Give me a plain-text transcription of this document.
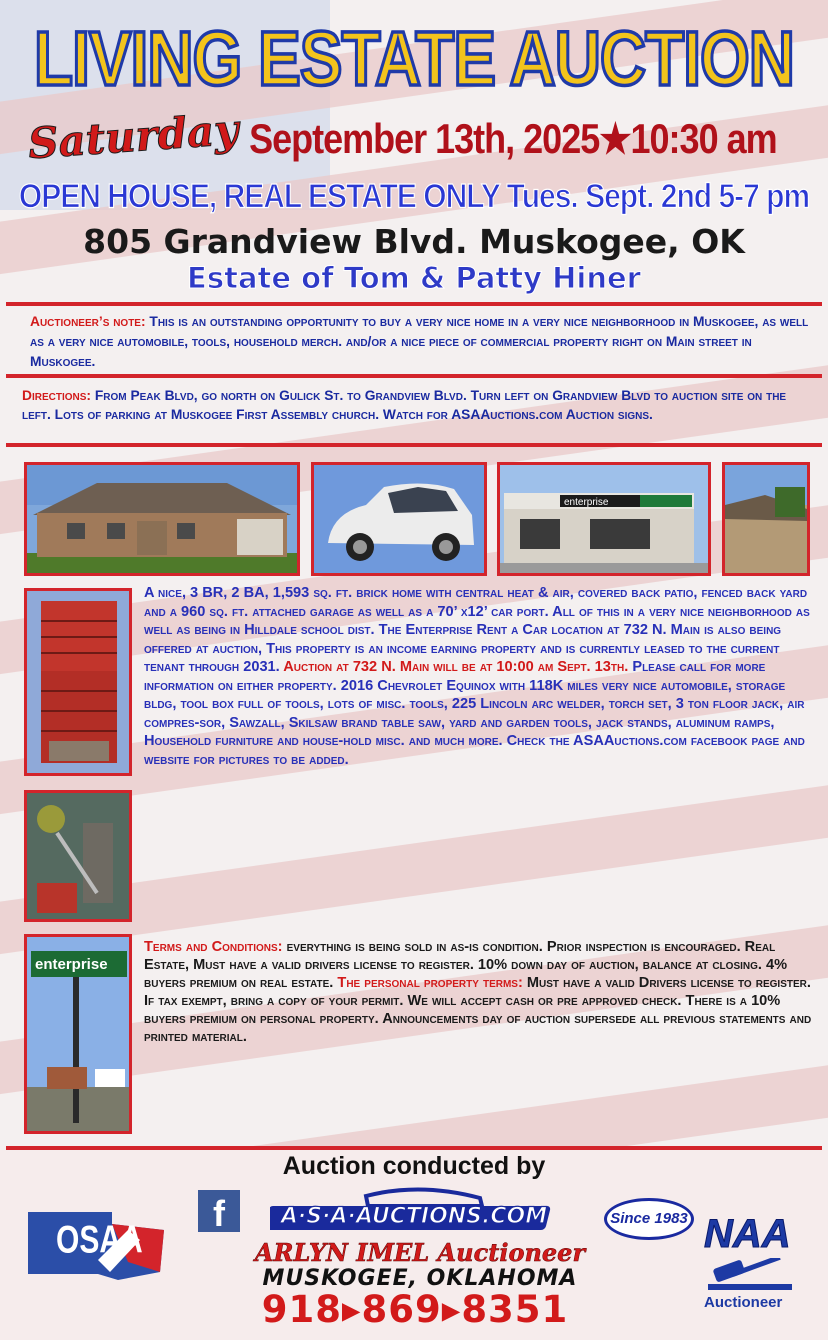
LIVING ESTATE AUCTION
Saturday September 13th, 2025★10:30 am
OPEN HOUSE, REAL ESTATE ONLY Tues. Sept. 2nd 5-7 pm
805 Grandview Blvd. Muskogee, OK
Estate of Tom & Patty Hiner
Auctioneer’s note: This is an outstanding opportunity to buy a very nice home in a very nice neighborhood in Muskogee, as well as a very nice automobile, tools, household merch. and/or a nice piece of commercial property right on Main street in Muskogee.
Directions: From Peak Blvd, go north on Gulick St. to Grandview Blvd. Turn left on Grandview Blvd to auction site on the left. Lots of parking at Muskogee First Assembly church. Watch for ASAAuctions.com Auction signs.
enterprise
enterprise
A nice, 3 BR, 2 BA, 1,593 sq. ft. brick home with central heat & air, covered back patio, fenced back yard and a 960 sq. ft. attached garage as well as a 70’ x12’ car port. All of this in a very nice neighborhood as well as being in Hilldale school dist. The Enterprise Rent a Car location at 732 N. Main is also being offered at auction, This property is an income earning property and is currently leased to the current tenant through 2031. Auction at 732 N. Main will be at 10:00 am Sept. 13th. Please call for more information on either property. 2016 Chevrolet Equinox with 118K miles very nice automobile, storage bldg, tool box full of tools, lots of misc. tools, 225 Lincoln arc welder, torch set, 3 ton floor jack, air compres-sor, Sawzall, Skilsaw brand table saw, yard and garden tools, jack stands, aluminum ramps, Household furniture and house-hold misc. and much more. Check the ASAAuctions.com facebook page and website for pictures to be added.
Terms and Conditions: everything is being sold in as-is condition. Prior inspection is encouraged. Real Estate, Must have a valid drivers license to register. 10% down day of auction, balance at closing. 4% buyers premium on real estate. The personal property terms: Must have a valid Drivers license to register. If tax exempt, bring a copy of your permit. We will accept cash or pre approved check. There is a 10% buyers premium on personal property. Announcements day of auction supersede all previous statements and printed material.
Auction conducted by
OSAA
f	A·S·A·AUCTIONS.COM	Since 1983
ARLYN IMEL Auctioneer
MUSKOGEE, OKLAHOMA
918▸869▸8351
NAA
Auctioneer
